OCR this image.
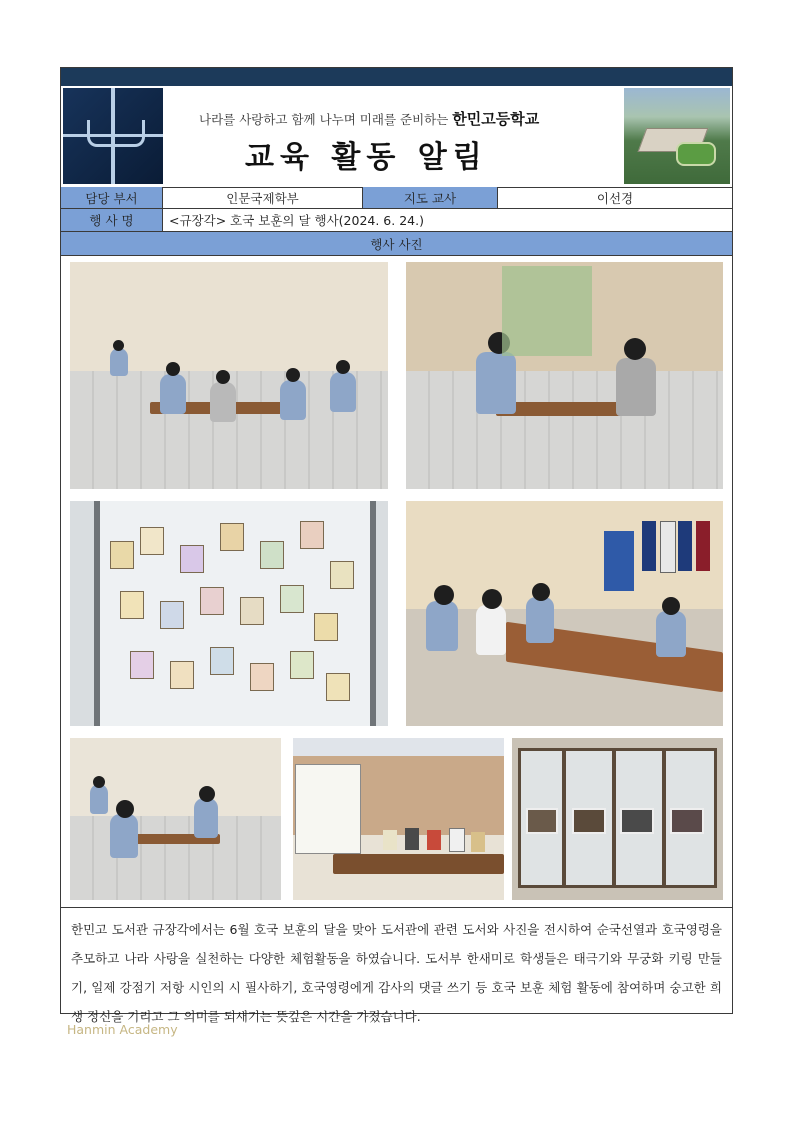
나라를 사랑하고 함께 나누며 미래를 준비하는 한민고등학교
교육 활동 알림
담당 부서	인문국제학부	지도 교사	이선경
행 사 명	<규장각> 호국 보훈의 달 행사(2024. 6. 24.)
행사 사진
한민고 도서관 규장각에서는 6월 호국 보훈의 달을 맞아 도서관에 관련 도서와 사진을 전시하여 순국선열과 호국영령을 추모하고 나라 사랑을 실천하는 다양한 체험활동을 하였습니다. 도서부 한새미로 학생들은 태극기와 무궁화 키링 만들기, 일제 강점기 저항 시인의 시 필사하기, 호국영령에게 감사의 댓글 쓰기 등 호국 보훈 체험 활동에 참여하며 숭고한 희생 정신을 기리고 그 의미를 되새기는 뜻깊은 시간을 가졌습니다.
Hanmin Academy
